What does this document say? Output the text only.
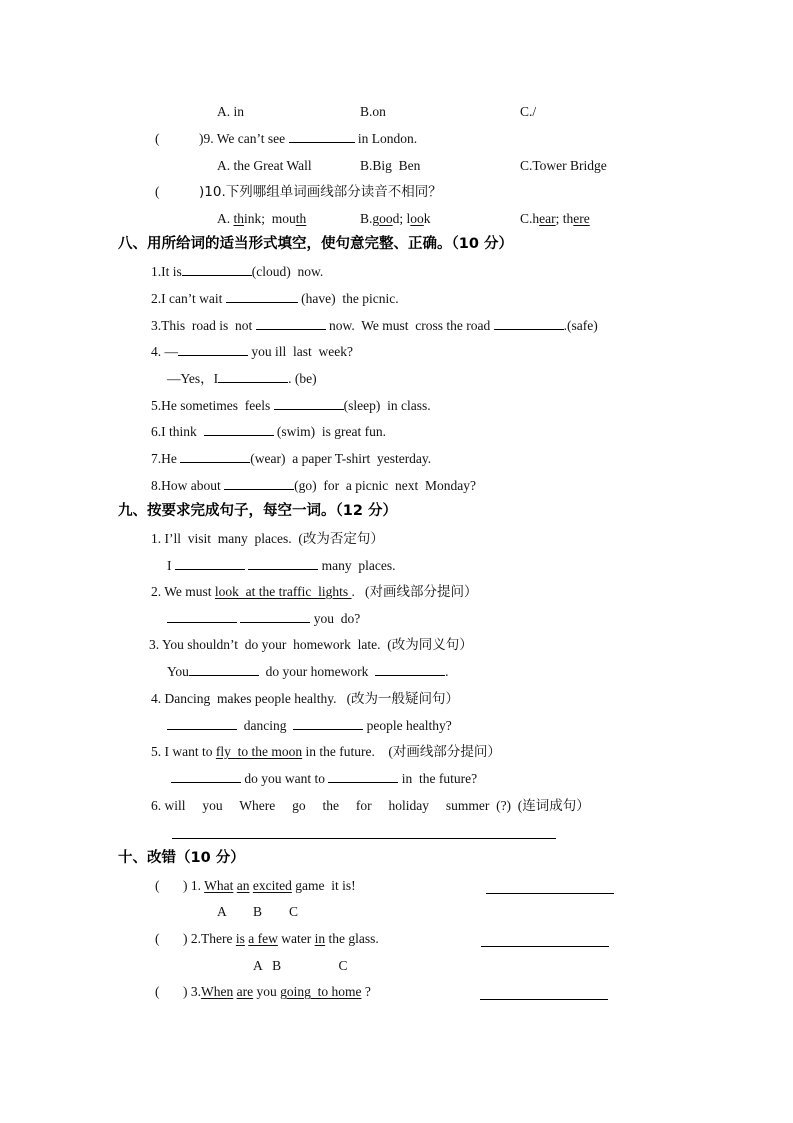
A. in	B.on	C./
(	)9. We can’t see	in London.
A. the Great Wall	B.Big  Ben	C.Tower Bridge
(	)10.下列哪组单词画线部分读音不相同？
A. think;  mouth	B.good; look	C.hear; there
八、用所给词的适当形式填空，使句意完整、正确。（10 分）
1.It is	(cloud)  now.
2.I can’t wait	(have)  the picnic.
3.This  road is  not	now.  We must  cross the road	.(safe)
4. —	you ill  last  week?
—Yes，I	. (be)
5.He sometimes  feels	(sleep)  in class.
6.I think	(swim)  is great fun.
7.He	(wear)  a paper T-shirt  yesterday.
8.How about	(go)  for  a picnic  next  Monday?
九、按要求完成句子，每空一词。（12 分）
1. I’ll  visit  many  places.  (改为否定句）
I	many  places.
2. We must look  at the traffic  lights .   (对画线部分提问）
you  do?
3. You shouldn’t  do your  homework  late.  (改为同义句）
You	do your homework	.
4. Dancing  makes people healthy.   (改为一般疑问句）
dancing	people healthy?
5. I want to fly  to the moon in the future.    (对画线部分提问）
do you want to	in  the future?
6. will     you     Where     go     the     for     holiday     summer  (?)  (连词成句）
十、改错（10 分）
( ) 1. What an excited game  it is!
A        B        C
( ) 2.There is a few water in the glass.
A   B                 C
( ) 3.When are you going  to home ?
